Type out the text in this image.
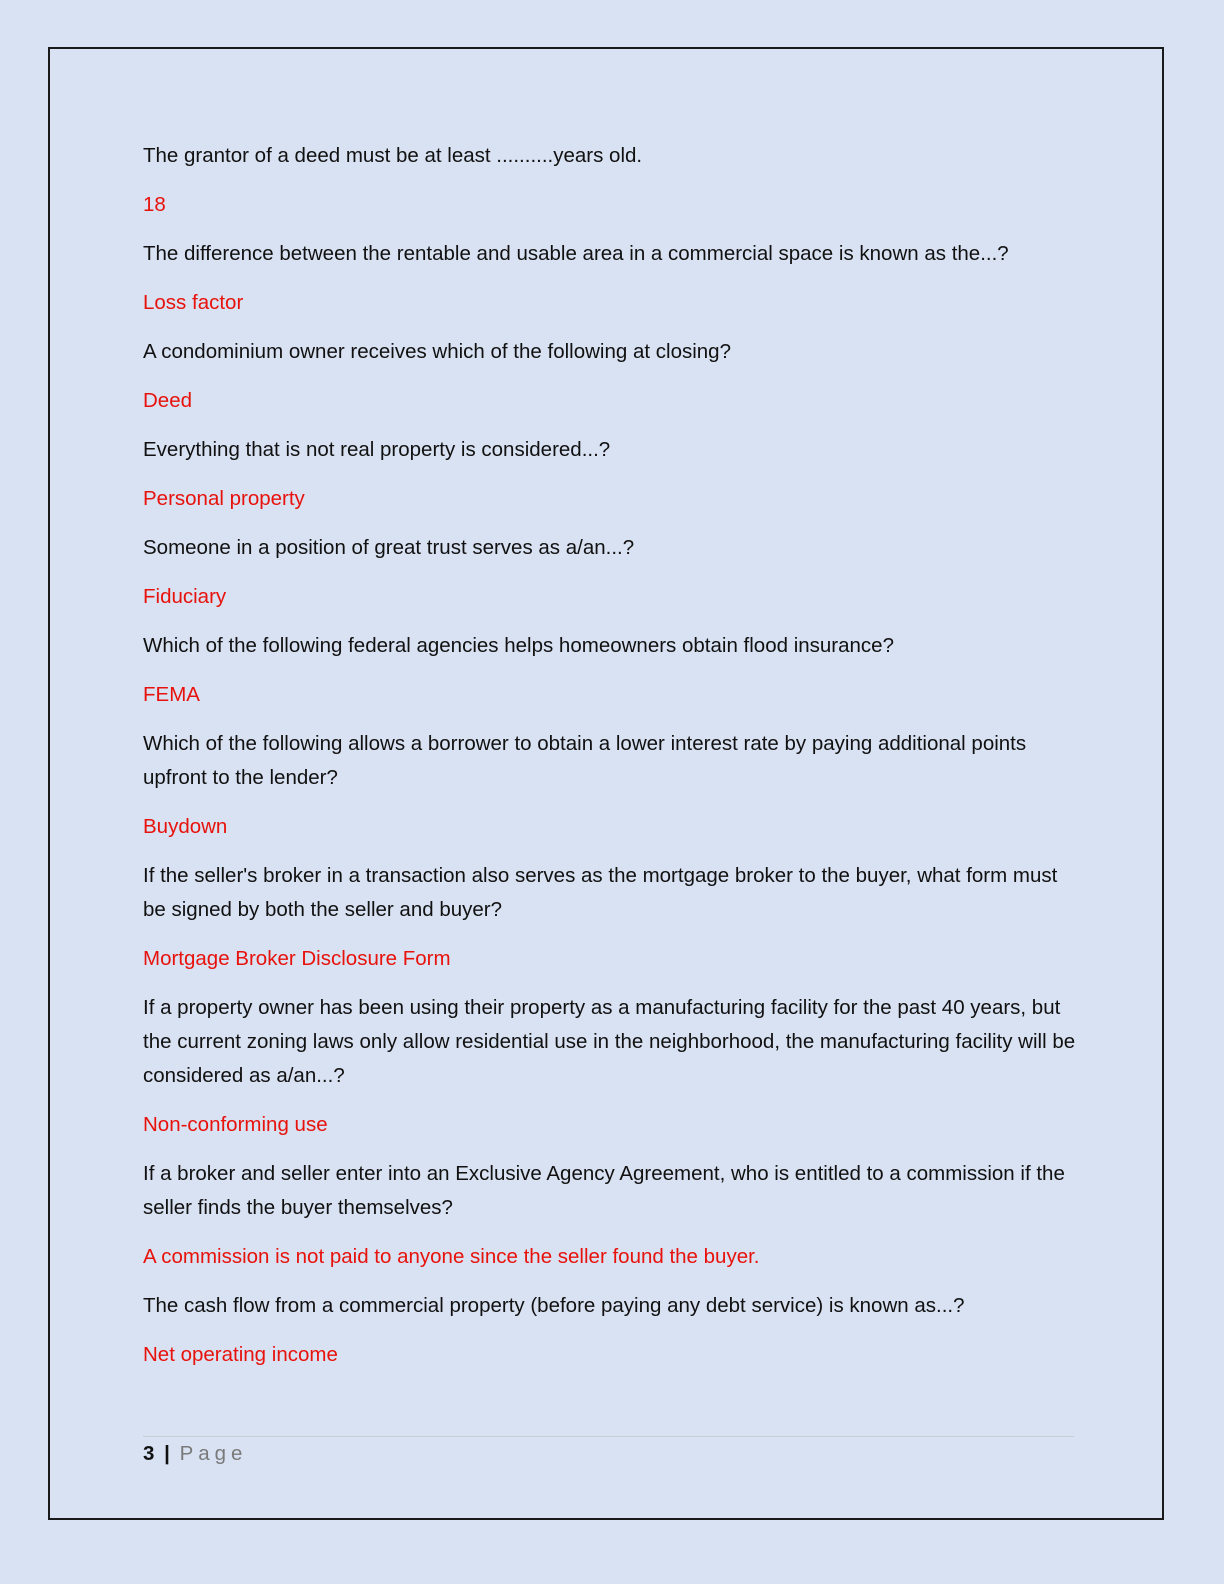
The grantor of a deed must be at least ..........years old.

18

The difference between the rentable and usable area in a commercial space is known as the...?

Loss factor

A condominium owner receives which of the following at closing?

Deed

Everything that is not real property is considered...?

Personal property

Someone in a position of great trust serves as a/an...?

Fiduciary

Which of the following federal agencies helps homeowners obtain flood insurance?

FEMA

Which of the following allows a borrower to obtain a lower interest rate by paying additional points upfront to the lender?

Buydown

If the seller's broker in a transaction also serves as the mortgage broker to the buyer, what form must be signed by both the seller and buyer?

Mortgage Broker Disclosure Form

If a property owner has been using their property as a manufacturing facility for the past 40 years, but the current zoning laws only allow residential use in the neighborhood, the manufacturing facility will be considered as a/an...?

Non-conforming use

If a broker and seller enter into an Exclusive Agency Agreement, who is entitled to a commission if the seller finds the buyer themselves?

A commission is not paid to anyone since the seller found the buyer.

The cash flow from a commercial property (before paying any debt service) is known as...?

Net operating income

3 | Page
